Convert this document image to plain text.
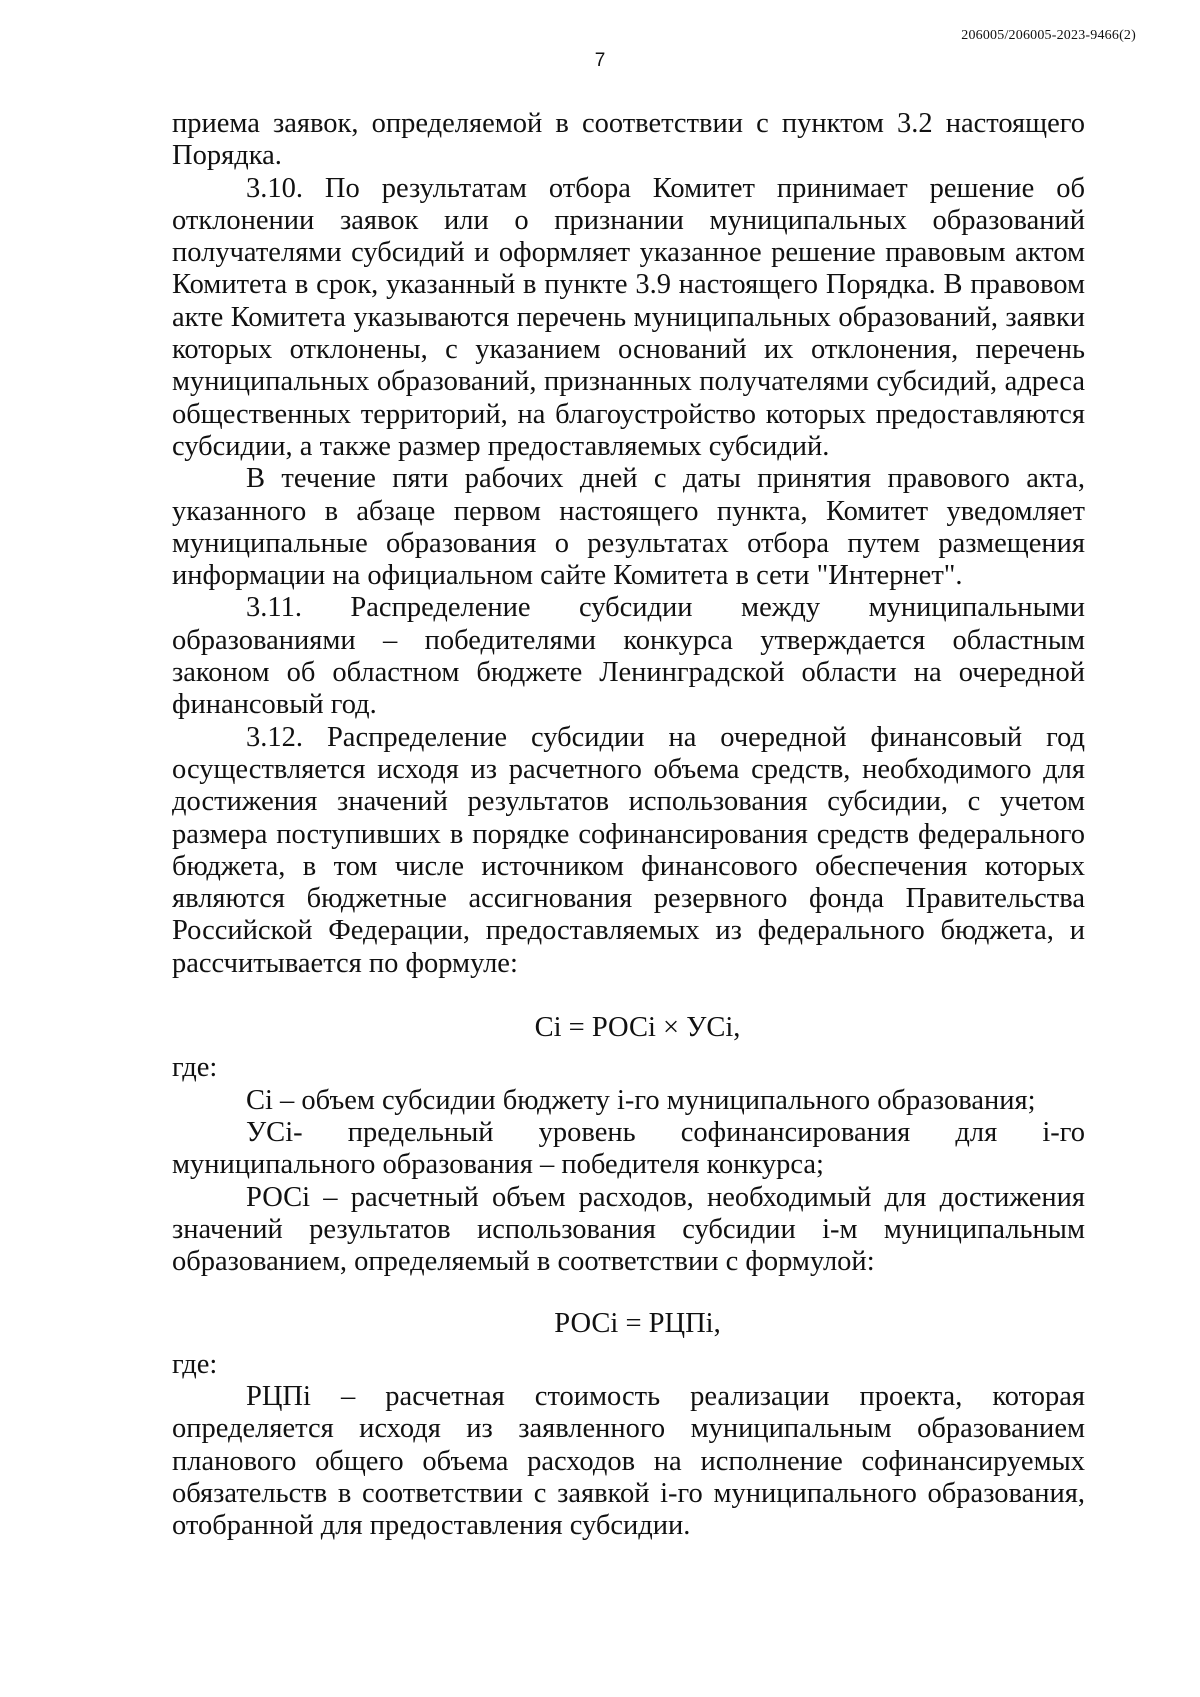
206005/206005-2023-9466(2)
7

приема заявок, определяемой в соответствии с пунктом 3.2 настоящего Порядка.

3.10. По результатам отбора Комитет принимает решение об отклонении заявок или о признании муниципальных образований получателями субсидий и оформляет указанное решение правовым актом Комитета в срок, указанный в пункте 3.9 настоящего Порядка. В правовом акте Комитета указываются перечень муниципальных образований, заявки которых отклонены, с указанием оснований их отклонения, перечень муниципальных образований, признанных получателями субсидий, адреса общественных территорий, на благоустройство которых предоставляются субсидии, а также размер предоставляемых субсидий.

В течение пяти рабочих дней с даты принятия правового акта, указанного в абзаце первом настоящего пункта, Комитет уведомляет муниципальные образования о результатах отбора путем размещения информации на официальном сайте Комитета в сети "Интернет".

3.11. Распределение субсидии между муниципальными образованиями – победителями конкурса утверждается областным законом об областном бюджете Ленинградской области на очередной финансовый год.

3.12. Распределение субсидии на очередной финансовый год осуществляется исходя из расчетного объема средств, необходимого для достижения значений результатов использования субсидии, с учетом размера поступивших в порядке софинансирования средств федерального бюджета, в том числе источником финансового обеспечения которых являются бюджетные ассигнования резервного фонда Правительства Российской Федерации, предоставляемых из федерального бюджета, и рассчитывается по формуле:

Ci = РОСi × УСi,

где:

Ci – объем субсидии бюджету i-го муниципального образования;

УСi- предельный уровень софинансирования для i-го муниципального образования – победителя конкурса;

РОСi – расчетный объем расходов, необходимый для достижения значений результатов использования субсидии i-м муниципальным образованием, определяемый в соответствии с формулой:

РОСi = РЦПi,

где:

РЦПi – расчетная стоимость реализации проекта, которая определяется исходя из заявленного муниципальным образованием планового общего объема расходов на исполнение софинансируемых обязательств в соответствии с заявкой i-го муниципального образования, отобранной для предоставления субсидии.
